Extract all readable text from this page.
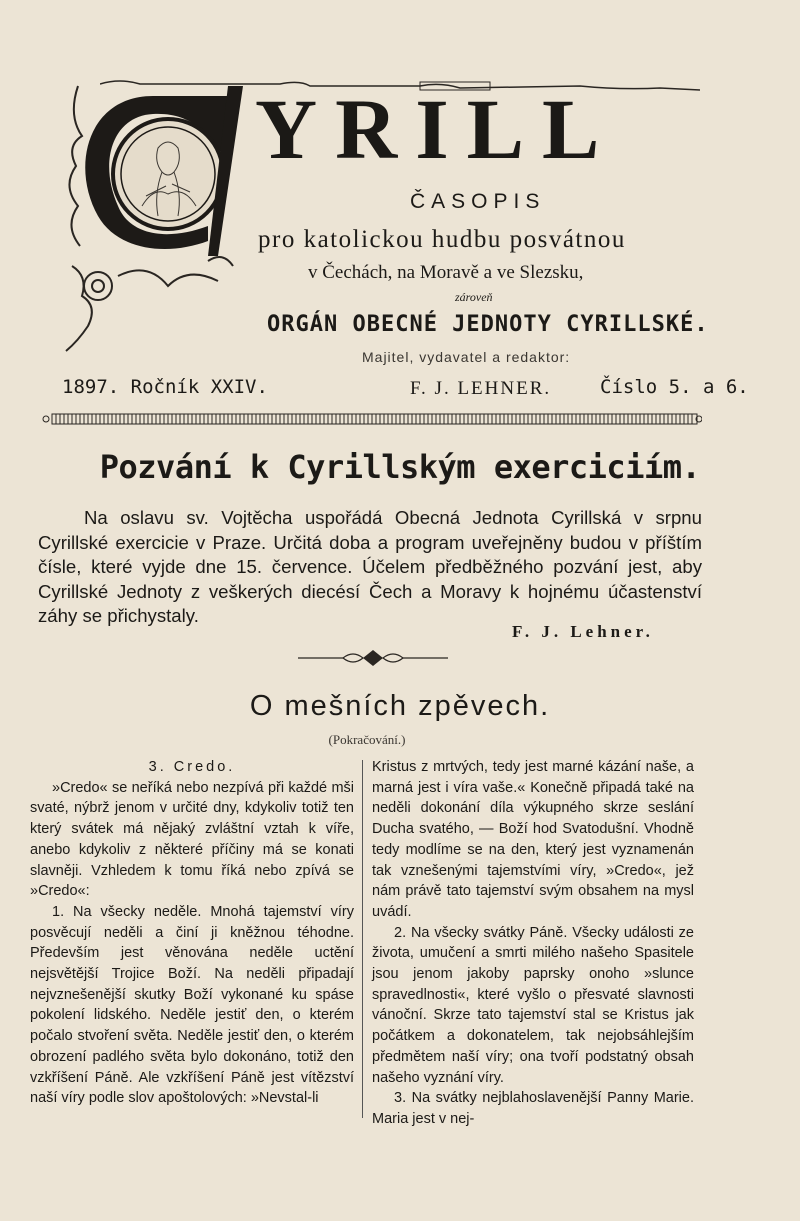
YRILL
ČASOPIS
pro katolickou hudbu posvátnou
v Čechách, na Moravě a ve Slezsku,
zároveň
ORGÁN OBECNÉ JEDNOTY CYRILLSKÉ.
Majitel, vydavatel a redaktor:
1897. Ročník XXIV.	F. J. LEHNER.	Číslo 5. a 6.
Pozvání k Cyrillským exerciciím.

Na oslavu sv. Vojtěcha uspořádá Obecná Jednota Cyrillská v srpnu Cyrillské exercicie v Praze. Určitá doba a program uveřejněny budou v příštím čísle, které vyjde dne 15. července. Účelem předběžného pozvání jest, aby Cyrillské Jednoty z veškerých diecésí Čech a Moravy k hojnému účastenství záhy se přichystaly.

F. J. Lehner.
O mešních zpěvech.
(Pokračování.)

3. Credo.

»Credo« se neříká nebo nezpívá při každé mši svaté, nýbrž jenom v určité dny, kdykoliv totiž ten který svátek má nějaký zvláštní vztah k víře, anebo kdykoliv z některé příčiny má se konati slavněji. Vzhledem k tomu říká nebo zpívá se »Credo«:

1. Na všecky neděle. Mnohá tajemství víry posvěcují neděli a činí ji kněžnou téhodne. Především jest věnována neděle uctění nejsvětější Trojice Boží. Na neděli připadají nejvznešenější skutky Boží vykonané ku spáse pokolení lidského. Neděle jestiť den, o kterém počalo stvoření světa. Neděle jestiť den, o kterém obrození padlého světa bylo dokonáno, totiž den vzkříšení Páně. Ale vzkříšení Páně jest vítězství naší víry podle slov apoštolových: »Nevstal-li

Kristus z mrtvých, tedy jest marné kázání naše, a marná jest i víra vaše.« Konečně připadá také na neděli dokonání díla výkupného skrze seslání Ducha svatého, — Boží hod Svatodušní. Vhodně tedy modlíme se na den, který jest vyznamenán tak vznešenými tajemstvími víry, »Credo«, jež nám právě tato tajemství svým obsahem na mysl uvádí.

2. Na všecky svátky Páně. Všecky události ze života, umučení a smrti milého našeho Spasitele jsou jenom jakoby paprsky onoho »slunce spravedlnosti«, které vyšlo o přesvaté slavnosti vánoční. Skrze tato tajemství stal se Kristus jak počátkem a dokonatelem, tak nejobsáhlejším předmětem naší víry; ona tvoří podstatný obsah našeho vyznání víry.

3. Na svátky nejblahoslavenější Panny Marie. Maria jest v nej-
